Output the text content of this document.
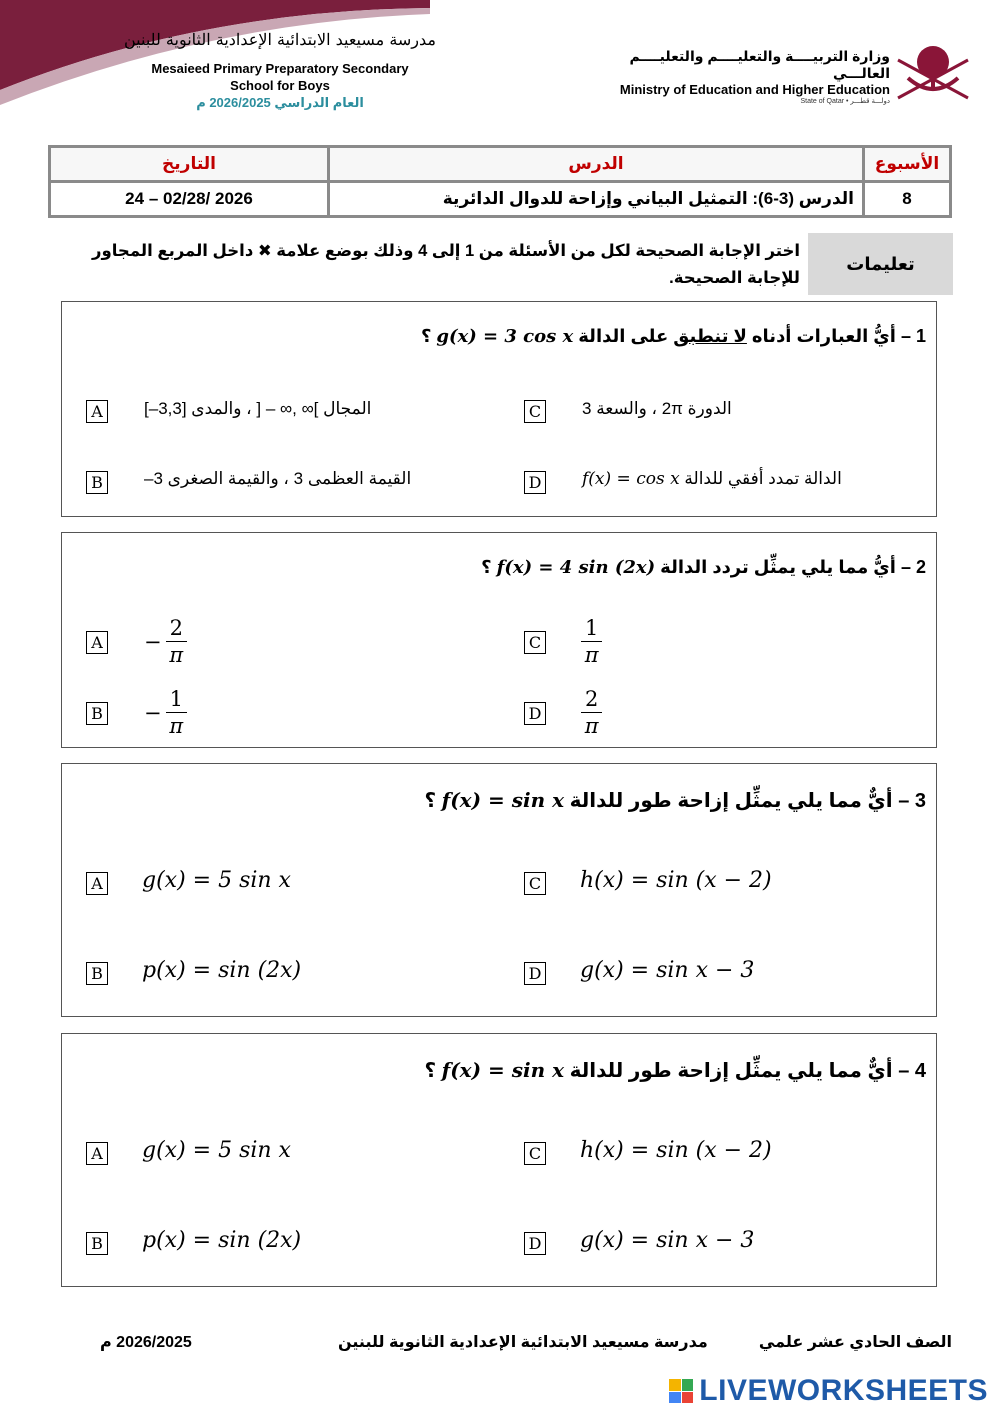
مدرسة مسيعيد الابتدائية الإعدادية الثانوية للبنين
Mesaieed Primary Preparatory Secondary
School for Boys
العام الدراسي 2026/2025 م
وزارة التربيــــة والتعليــــم والتعليــــم العالـــي
Ministry of Education and Higher Education
State of Qatar • دولـــة قطـــر
الأسبوع	الدرس	التاريخ
8	الدرس (3-6): التمثيل البياني وإزاحة للدوال الدائرية	2026 /02/28 – 24
تعليمات
اختر الإجابة الصحيحة لكل من الأسئلة من 1 إلى 4 وذلك بوضع علامة ✖ داخل المربع المجاور للإجابة الصحيحة.
1 – أيُّ العبارات أدناه لا تنطبق على الدالة g(x) = 3 cos x ؟
A	المجال ]∞ ,∞ – [ ، والمدى [3,3–]
B	القيمة العظمى 3 ، والقيمة الصغرى 3–
C الدورة 2π ، والسعة 3
D	الدالة تمدد أفقي للدالة f(x) = cos x
2 – أيُّ مما يلي يمثِّل تردد الدالة f(x) = 4 sin (2x) ؟
$A - \frac{2}{\pi}$
$B - \frac{1}{\pi}$
C $\frac{1}{\pi}$
D $\frac{2}{\pi}$
3 – أيٌّ مما يلي يمثِّل إزاحة طور للدالة f(x) = sin x ؟
A g(x) = 5 sin x
B p(x) = sin (2x)
C h(x) = sin (x − 2)
D g(x) = sin x − 3
4 – أيٌّ مما يلي يمثِّل إزاحة طور للدالة f(x) = sin x ؟
A g(x) = 5 sin x
B p(x) = sin (2x)
C h(x) = sin (x − 2)
D g(x) = sin x − 3
الصف الحادي عشر علمي
مدرسة مسيعيد الابتدائية الإعدادية الثانوية للبنين
2026/2025 م
LIVEWORKSHEETS
